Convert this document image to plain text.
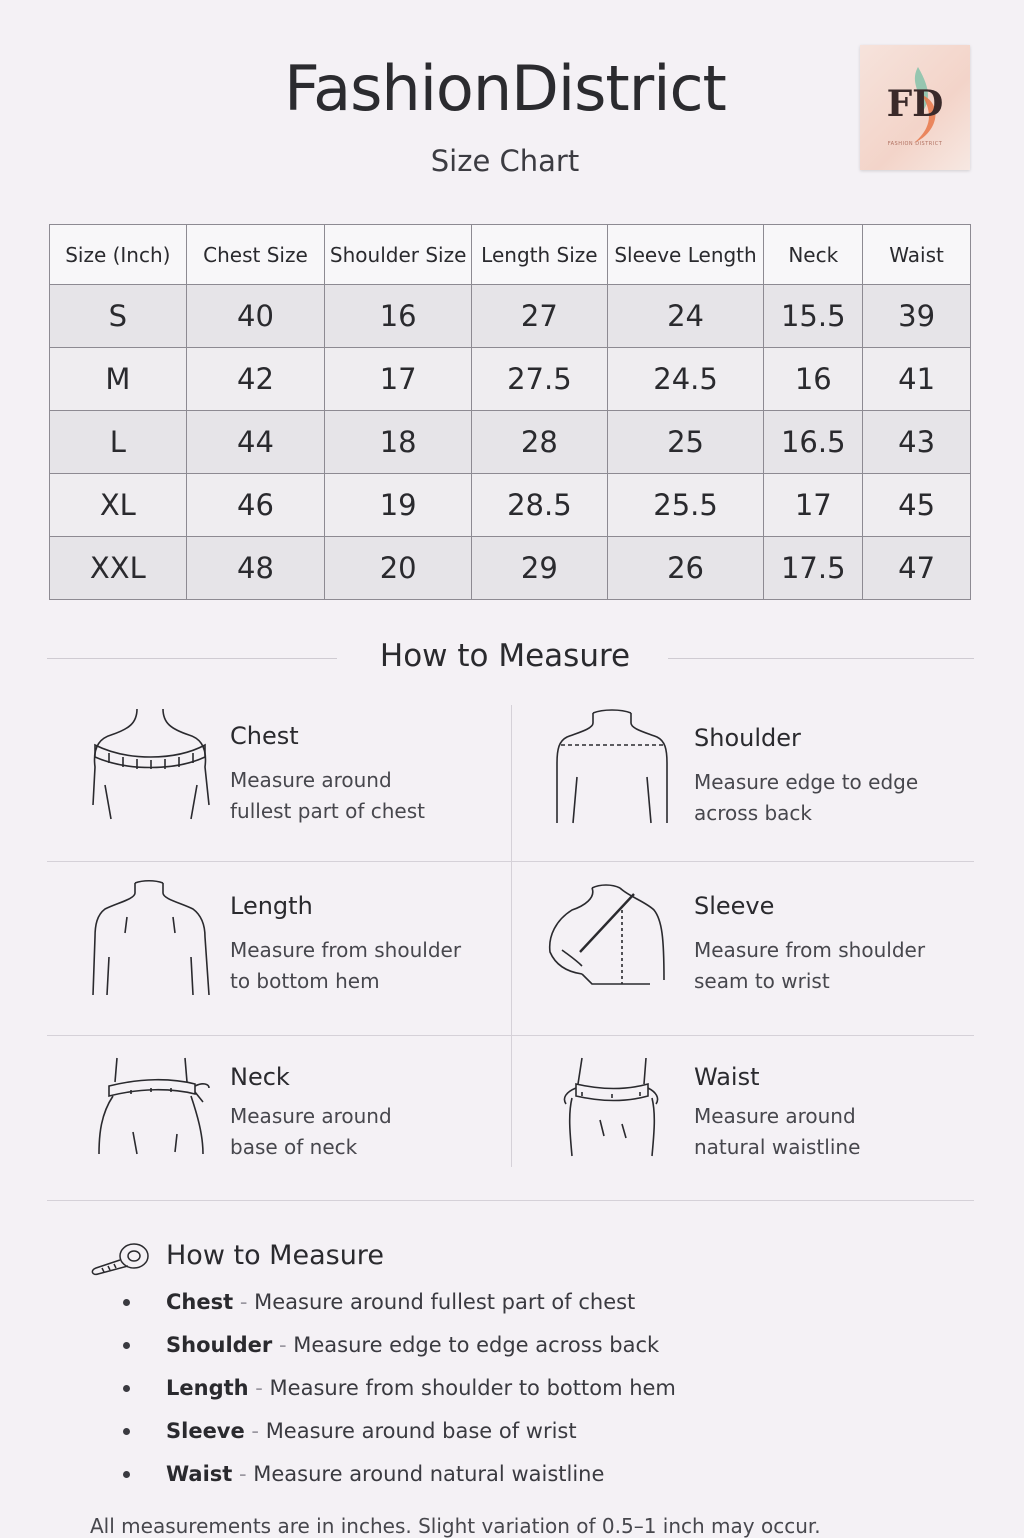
FashionDistrict
Size Chart
FD
FASHION DISTRICT
Size (Inch)	Chest Size	Shoulder Size	Length Size	Sleeve Length	Neck	Waist
S	40	16	27	24	15.5	39
M	42	17	27.5	24.5	16	41
L	44	18	28	25	16.5	43
XL	46	19	28.5	25.5	17	45
XXL	48	20	29	26	17.5	47
How to Measure
Chest
Measure around
fullest part of chest
Shoulder
Measure edge to edge
across back
Length
Measure from shoulder
to bottom hem
Sleeve
Measure from shoulder
seam to wrist
Neck
Measure around
base of neck
Waist
Measure around
natural waistline
How to Measure
Chest - Measure around fullest part of chest
Shoulder - Measure edge to edge across back
Length - Measure from shoulder to bottom hem
Sleeve - Measure around base of wrist
Waist - Measure around natural waistline
All measurements are in inches. Slight variation of 0.5–1 inch may occur.
